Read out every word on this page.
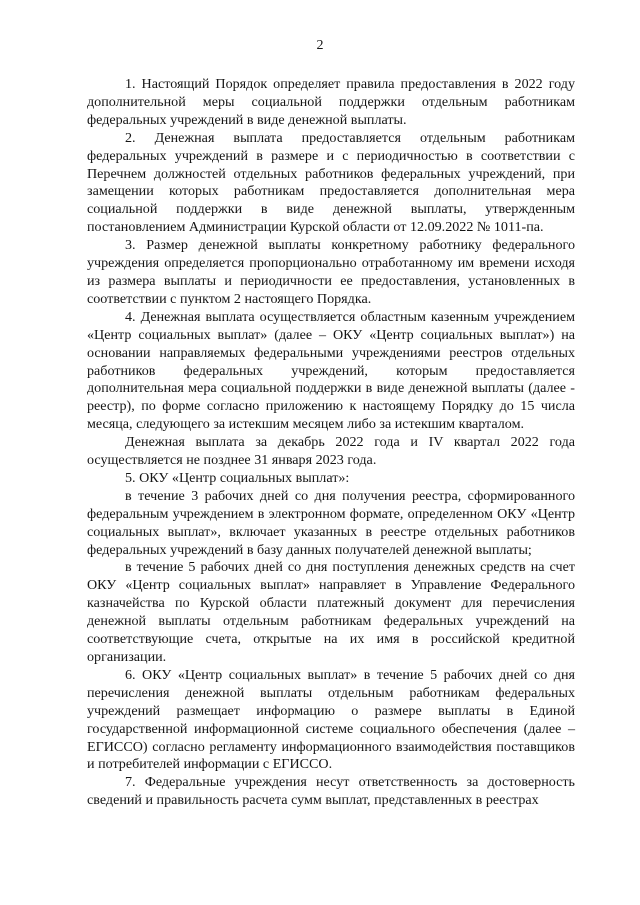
2

1. Настоящий Порядок определяет правила предоставления в 2022 году дополнительной меры социальной поддержки отдельным работникам федеральных учреждений в виде денежной выплаты.

2. Денежная выплата предоставляется отдельным работникам федеральных учреждений в размере и с периодичностью в соответствии с Перечнем должностей отдельных работников федеральных учреждений, при замещении которых работникам предоставляется дополнительная мера социальной поддержки в виде денежной выплаты, утвержденным постановлением Администрации Курской области от 12.09.2022 № 1011-па.

3. Размер денежной выплаты конкретному работнику федерального учреждения определяется пропорционально отработанному им времени исходя из размера выплаты и периодичности ее предоставления, установленных в соответствии с пунктом 2 настоящего Порядка.

4. Денежная выплата осуществляется областным казенным учреждением «Центр социальных выплат» (далее – ОКУ «Центр социальных выплат») на основании направляемых федеральными учреждениями реестров отдельных работников федеральных учреждений, которым предоставляется дополнительная мера социальной поддержки в виде денежной выплаты (далее - реестр), по форме согласно приложению к настоящему Порядку до 15 числа месяца, следующего за истекшим месяцем либо за истекшим кварталом.

Денежная выплата за декабрь 2022 года и IV квартал 2022 года осуществляется не позднее 31 января 2023 года.

5. ОКУ «Центр социальных выплат»:

в течение 3 рабочих дней со дня получения реестра, сформированного федеральным учреждением в электронном формате, определенном ОКУ «Центр социальных выплат», включает указанных в реестре отдельных работников федеральных учреждений в базу данных получателей денежной выплаты;

в течение 5 рабочих дней со дня поступления денежных средств на счет ОКУ «Центр социальных выплат» направляет в Управление Федерального казначейства по Курской области платежный документ для перечисления денежной выплаты отдельным работникам федеральных учреждений на соответствующие счета, открытые на их имя в российской кредитной организации.

6. ОКУ «Центр социальных выплат» в течение 5 рабочих дней со дня перечисления денежной выплаты отдельным работникам федеральных учреждений размещает информацию о размере выплаты в Единой государственной информационной системе социального обеспечения (далее – ЕГИССО) согласно регламенту информационного взаимодействия поставщиков и потребителей информации с ЕГИССО.

7. Федеральные учреждения несут ответственность за достоверность сведений и правильность расчета сумм выплат, представленных в реестрах
